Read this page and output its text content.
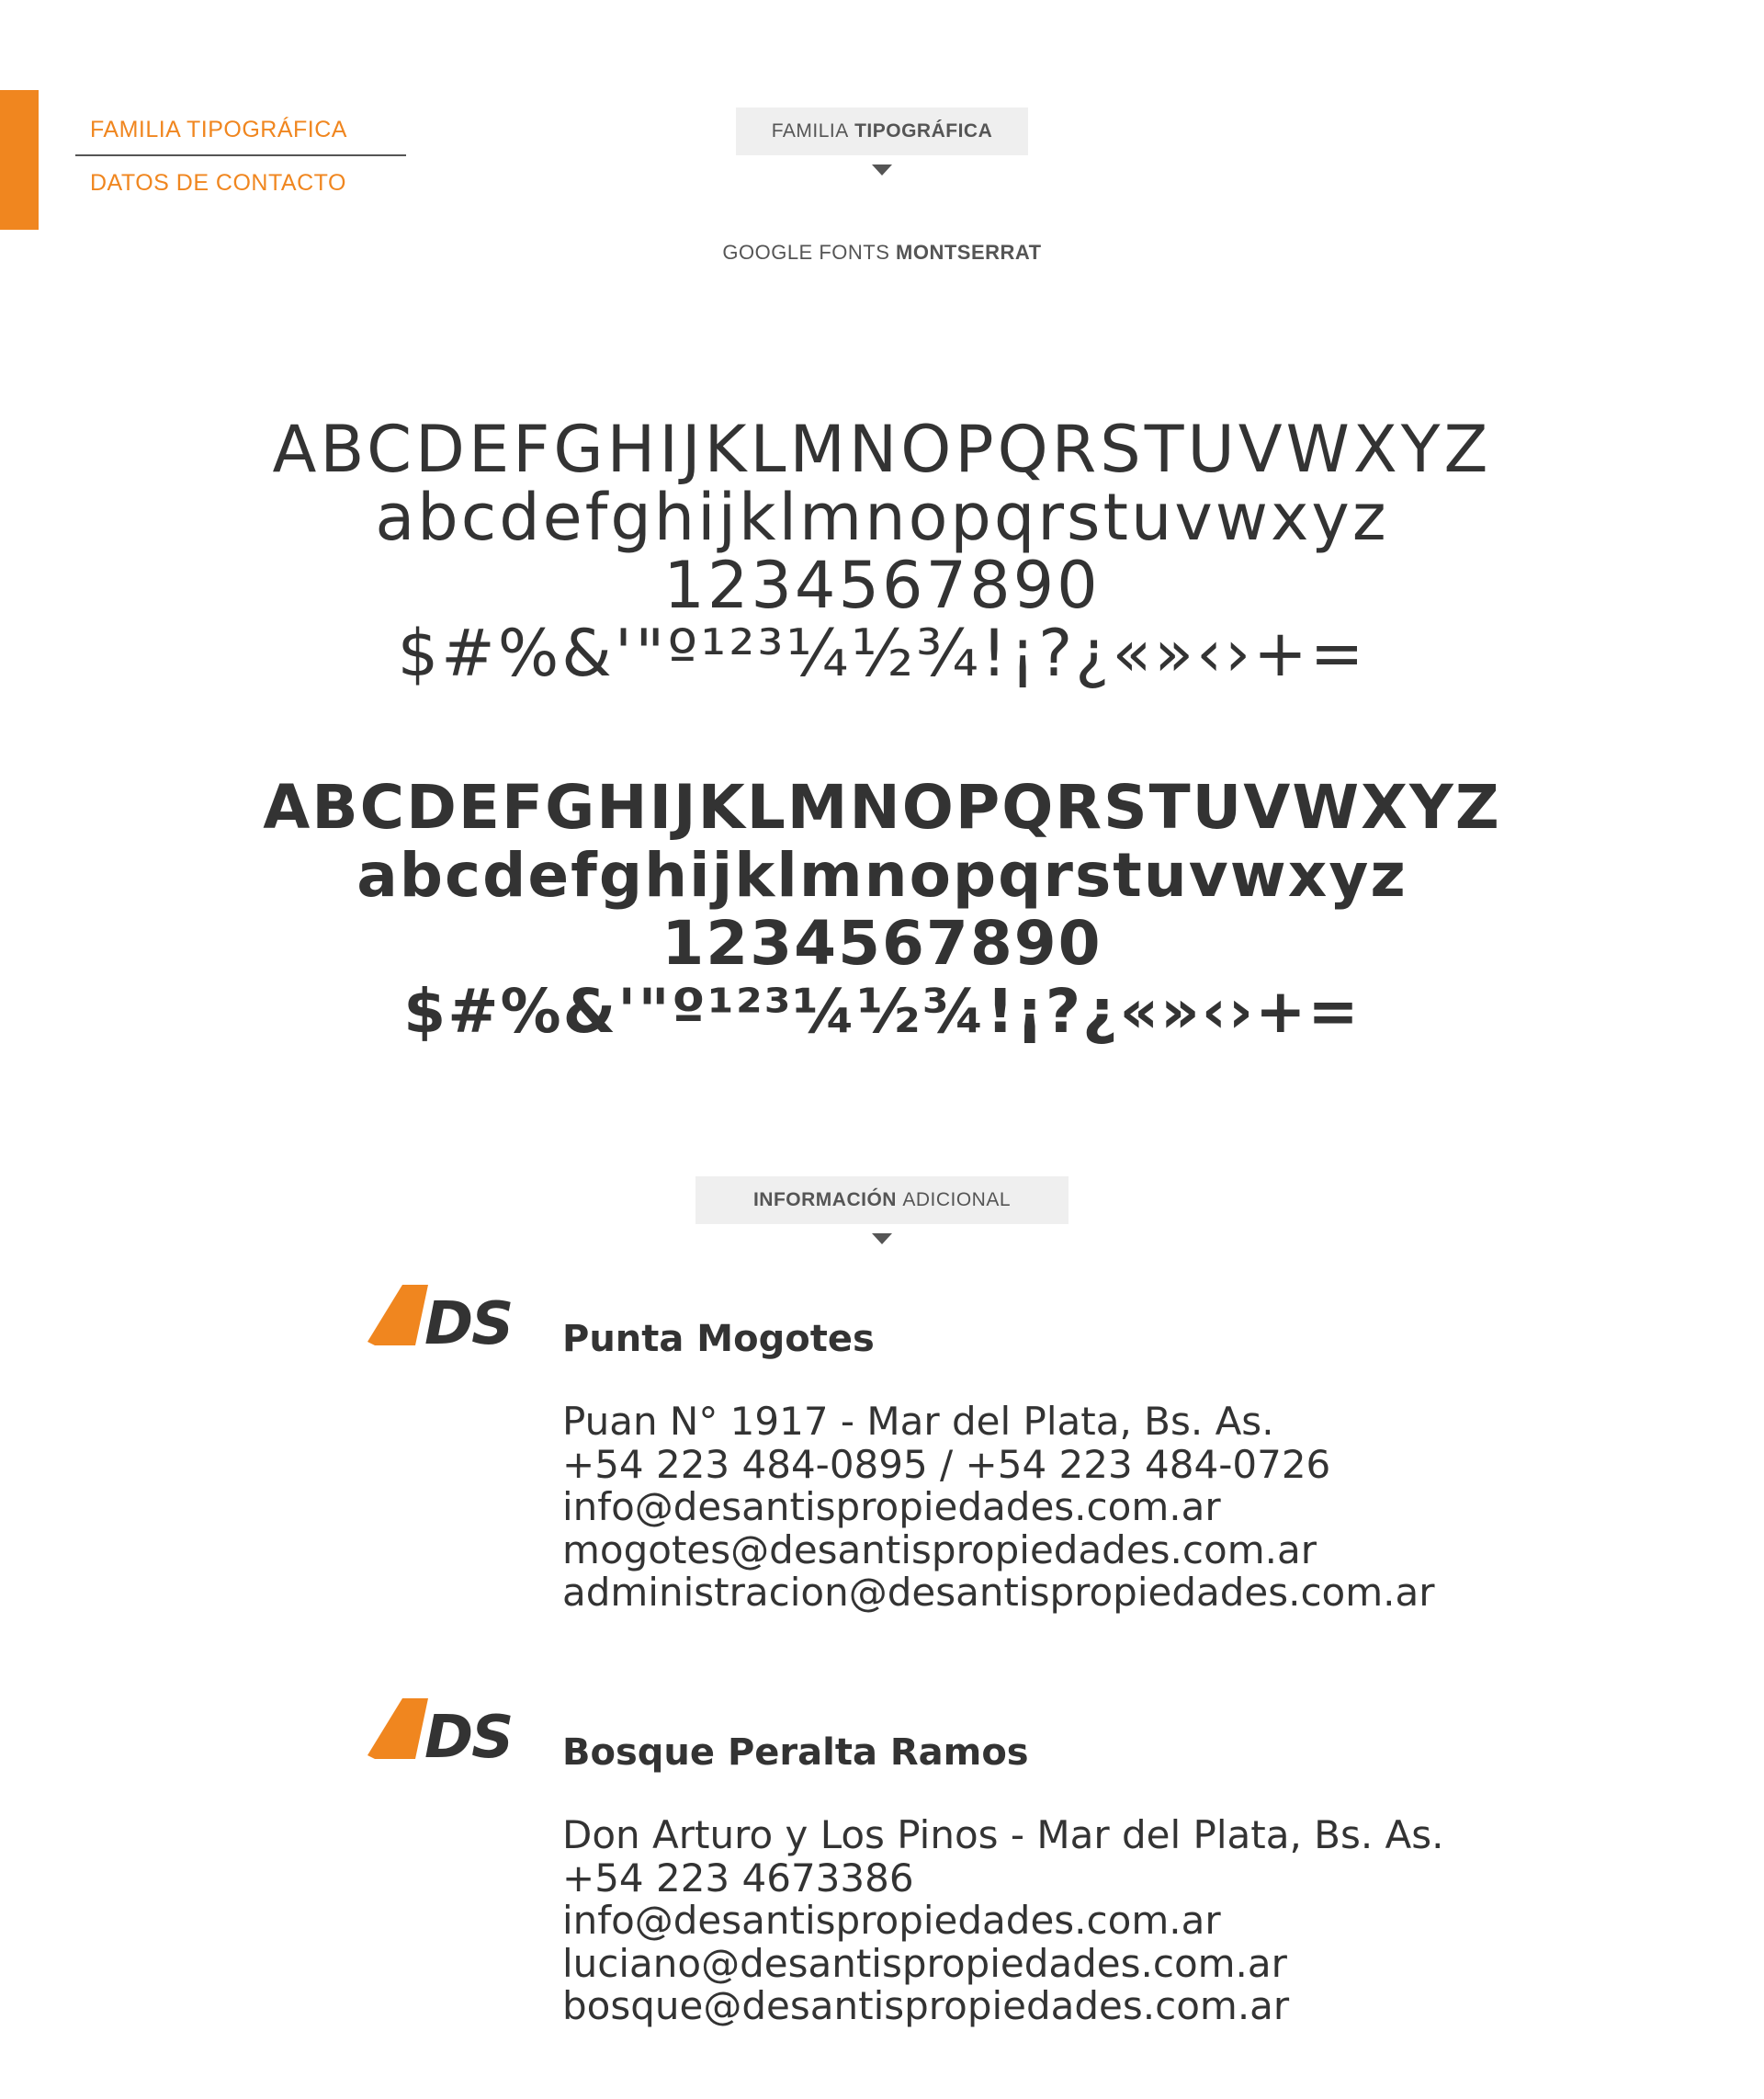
FAMILIA TIPOGRÁFICA
DATOS DE CONTACTO
FAMILIA
TIPOGRÁFICA
GOOGLE FONTS MONTSERRAT
ABCDEFGHIJKLMNOPQRSTUVWXYZ
abcdefghijklmnopqrstuvwxyz
1234567890
$#%&'"º¹²³¼½¾!¡?¿«»‹›+=
ABCDEFGHIJKLMNOPQRSTUVWXYZ
abcdefghijklmnopqrstuvwxyz
1234567890
$#%&'"º¹²³¼½¾!¡?¿«»‹›+=
INFORMACIÓN
ADICIONAL
DS Punta Mogotes
Puan N° 1917 - Mar del Plata, Bs. As.
+54 223 484-0895 / +54 223 484-0726
info@desantispropiedades.com.ar
mogotes@desantispropiedades.com.ar
administracion@desantispropiedades.com.ar
DS Bosque Peralta Ramos
Don Arturo y Los Pinos - Mar del Plata, Bs. As.
+54 223 4673386
info@desantispropiedades.com.ar
luciano@desantispropiedades.com.ar
bosque@desantispropiedades.com.ar
